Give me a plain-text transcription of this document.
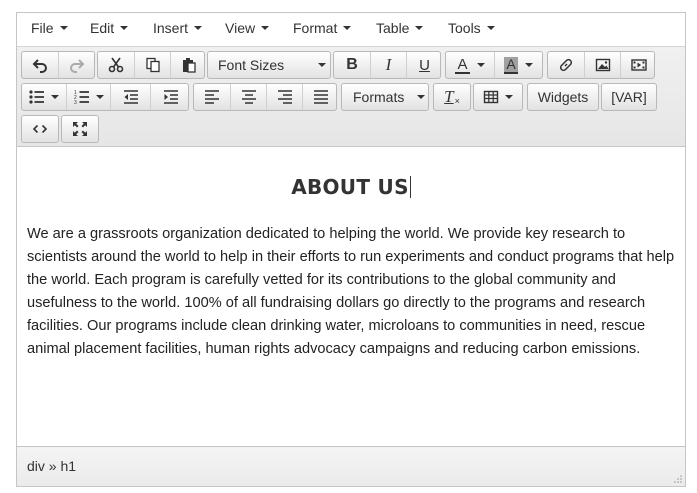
File	Edit	Insert	View	Format	Table	Tools
Font Sizes	B I U A	A
1
2
3	Formats T ×	Widgets [VAR]
ABOUT US

We are a grassroots organization dedicated to helping the world. We provide key research to scientists around the world to help in their efforts to run experiments and conduct programs that help the world. Each program is carefully vetted for its contributions to the global community and usefulness to the world. 100% of all fundraising dollars go directly to the programs and research facilities. Our programs include clean drinking water, microloans to communities in need, rescue animal placement facilities, human rights advocacy campaigns and reducing carbon emissions.

div » h1
